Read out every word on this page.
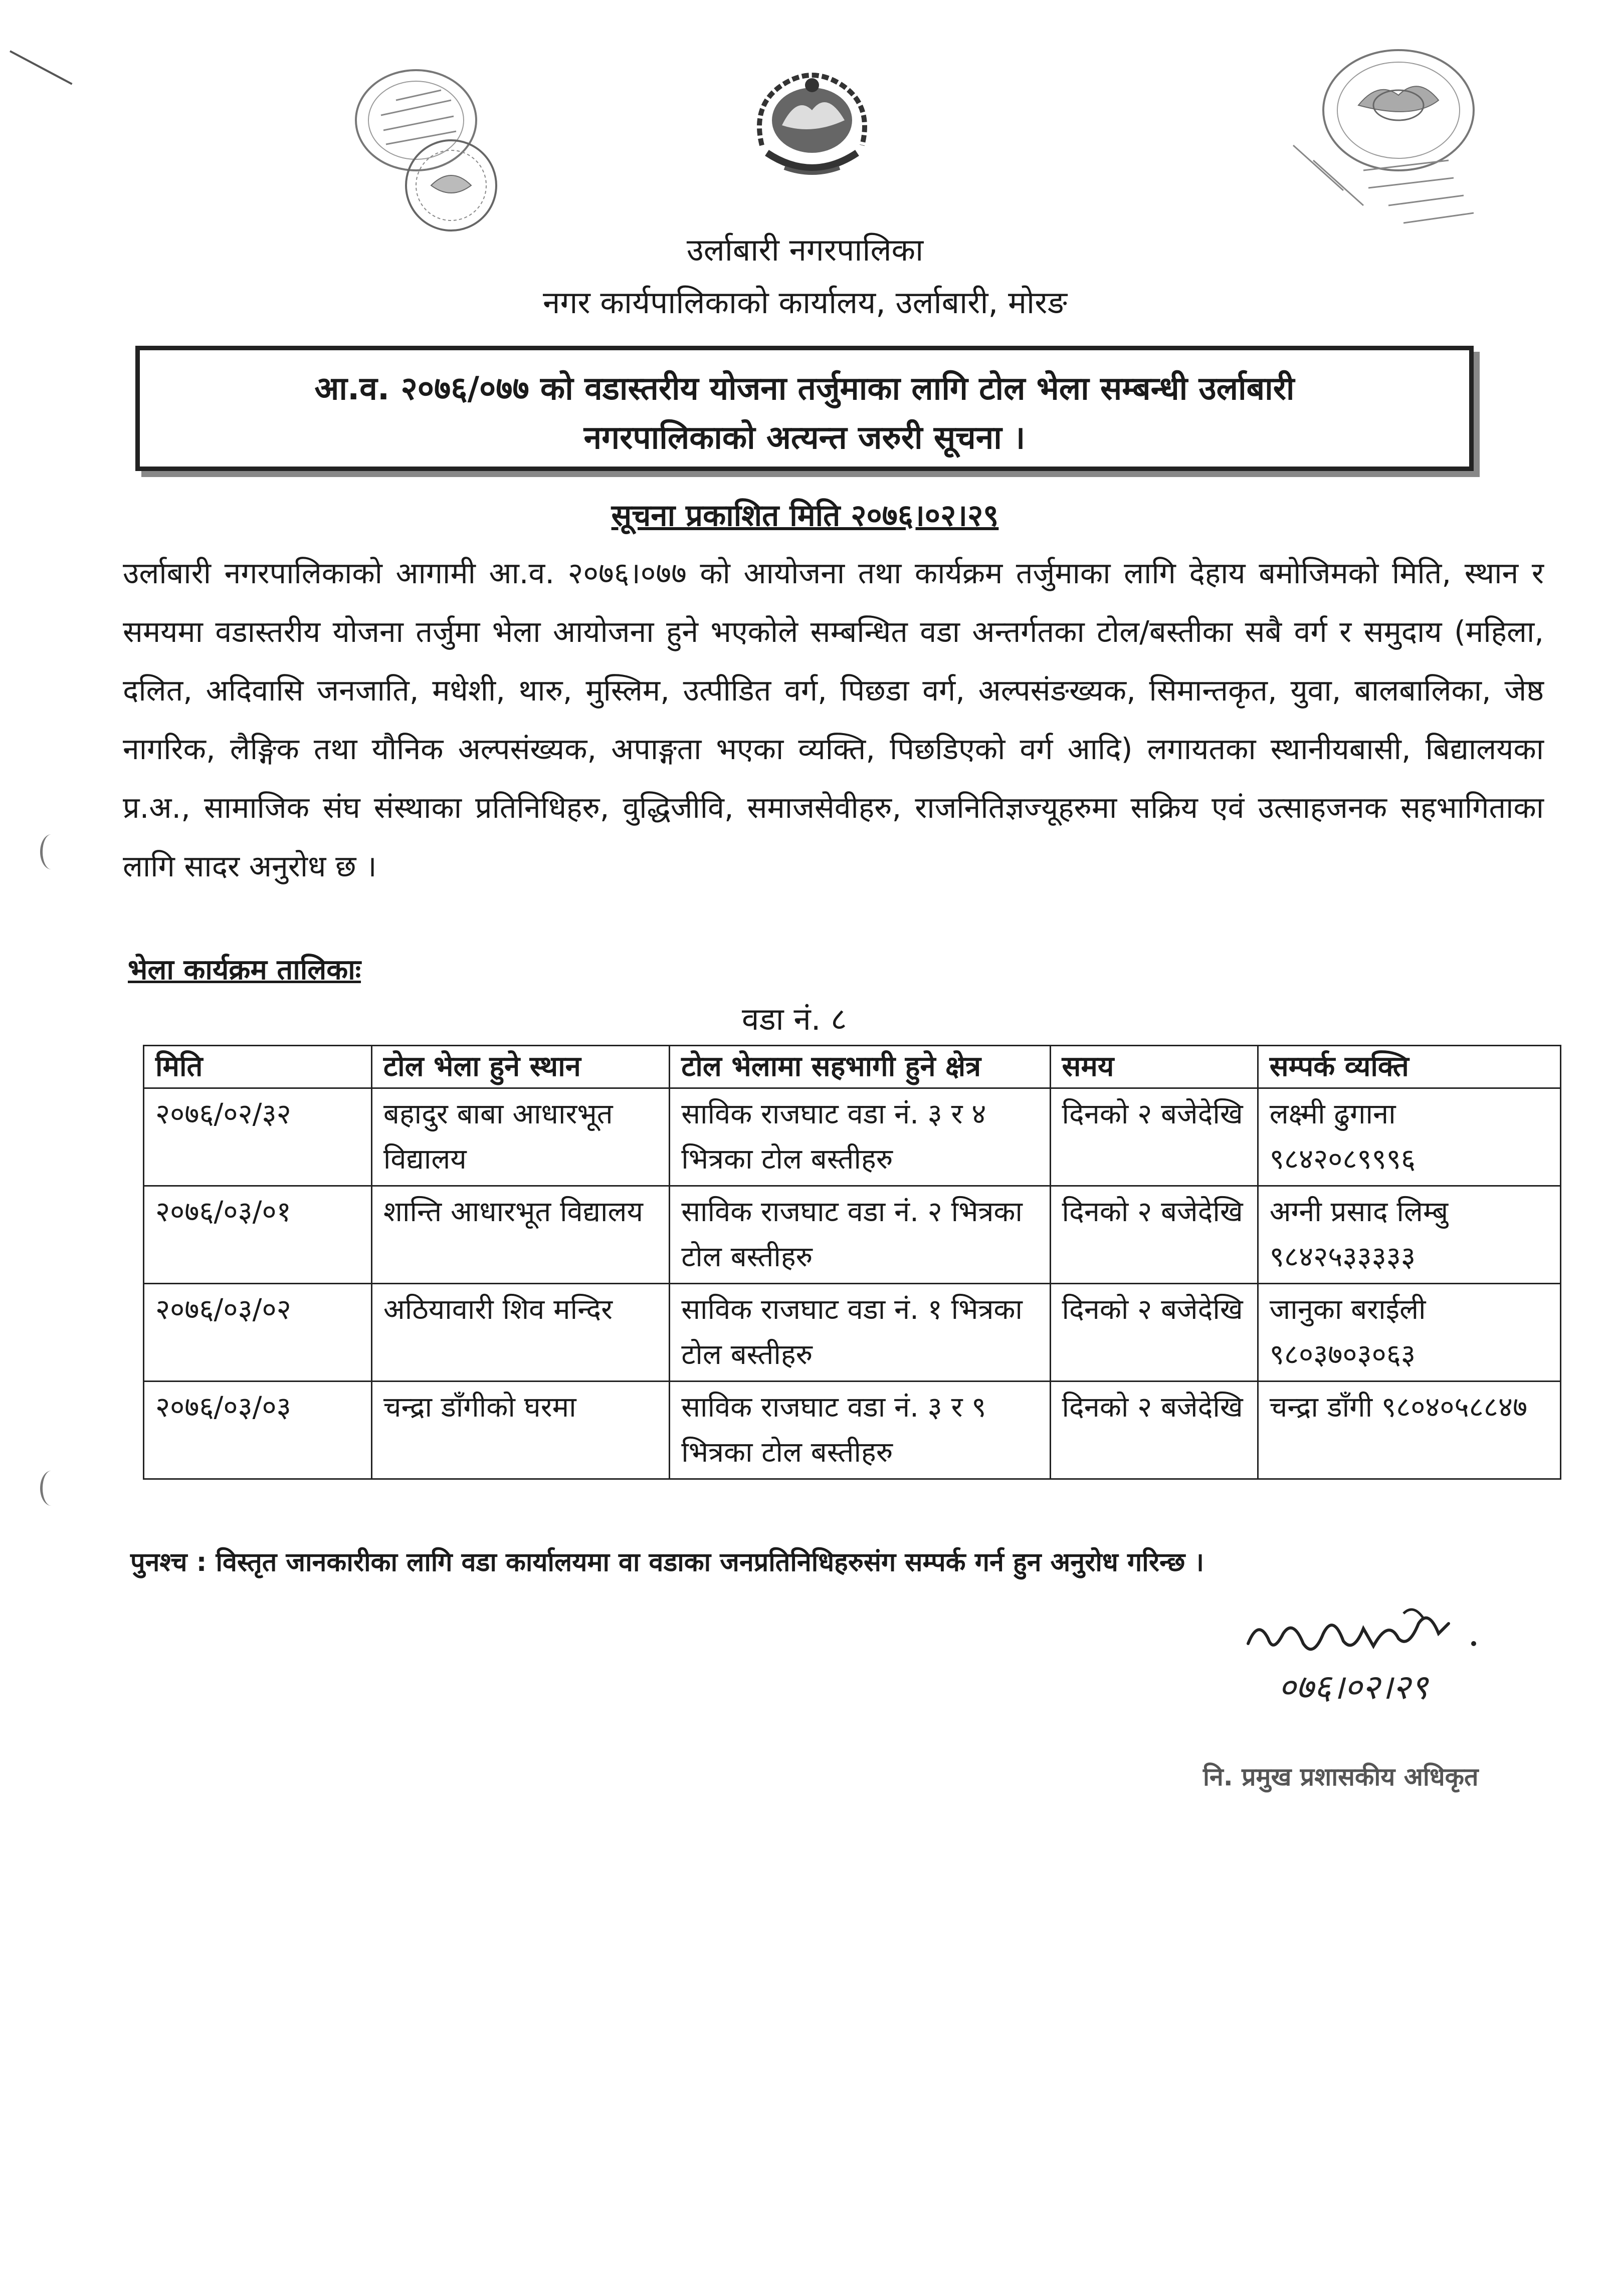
उर्लाबारी नगरपालिका
नगर कार्यपालिकाको कार्यालय, उर्लाबारी, मोरङ
आ.व. २०७६/०७७ को वडास्तरीय योजना तर्जुमाका लागि टोल भेला सम्बन्धी उर्लाबारी
नगरपालिकाको अत्यन्त जरुरी सूचना ।
सूचना प्रकाशित मिति २०७६।०२।२९
उर्लाबारी नगरपालिकाको आगामी आ.व. २०७६।०७७ को आयोजना तथा कार्यक्रम तर्जुमाका लागि देहाय बमोजिमको मिति, स्थान र समयमा वडास्तरीय योजना तर्जुमा भेला आयोजना हुने भएकोले सम्बन्धित वडा अन्तर्गतका टोल/बस्तीका सबै वर्ग र समुदाय (महिला, दलित, अदिवासि जनजाति, मधेशी, थारु, मुस्लिम, उत्पीडित वर्ग, पिछडा वर्ग, अल्पसंङख्यक, सिमान्तकृत, युवा, बालबालिका, जेष्ठ नागरिक, लैङ्गिक तथा यौनिक अल्पसंख्यक, अपाङ्गता भएका व्यक्ति, पिछडिएको वर्ग आदि) लगायतका स्थानीयबासी, बिद्यालयका प्र.अ., सामाजिक संघ संस्थाका प्रतिनिधिहरु, वुद्धिजीवि, समाजसेवीहरु, राजनितिज्ञज्यूहरुमा सक्रिय एवं उत्साहजनक सहभागिताका लागि सादर अनुरोध छ ।
भेला कार्यक्रम तालिकाः
वडा नं. ८
मिति	टोल भेला हुने स्थान	टोल भेलामा सहभागी हुने क्षेत्र	समय	सम्पर्क व्यक्ति
२०७६/०२/३२	बहादुर बाबा आधारभूत विद्यालय	साविक राजघाट वडा नं. ३ र ४ भित्रका टोल बस्तीहरु	दिनको २ बजेदेखि	लक्ष्मी ढुगाना ९८४२०८९९९६
२०७६/०३/०१	शान्ति आधारभूत विद्यालय	साविक राजघाट वडा नं. २ भित्रका टोल बस्तीहरु	दिनको २ बजेदेखि	अग्नी प्रसाद लिम्बु ९८४२५३३३३३
२०७६/०३/०२	अठियावारी शिव मन्दिर	साविक राजघाट वडा नं. १ भित्रका टोल बस्तीहरु	दिनको २ बजेदेखि	जानुका बराईली ९८०३७०३०६३
२०७६/०३/०३	चन्द्रा डाँगीको घरमा	साविक राजघाट वडा नं. ३ र ९ भित्रका टोल बस्तीहरु	दिनको २ बजेदेखि	चन्द्रा डाँगी ९८०४०५८८४७
पुनश्च : विस्तृत जानकारीका लागि वडा कार्यालयमा वा वडाका जनप्रतिनिधिहरुसंग सम्पर्क गर्न हुन अनुरोध गरिन्छ ।
०७६।०२।२९
नि. प्रमुख प्रशासकीय अधिकृत
